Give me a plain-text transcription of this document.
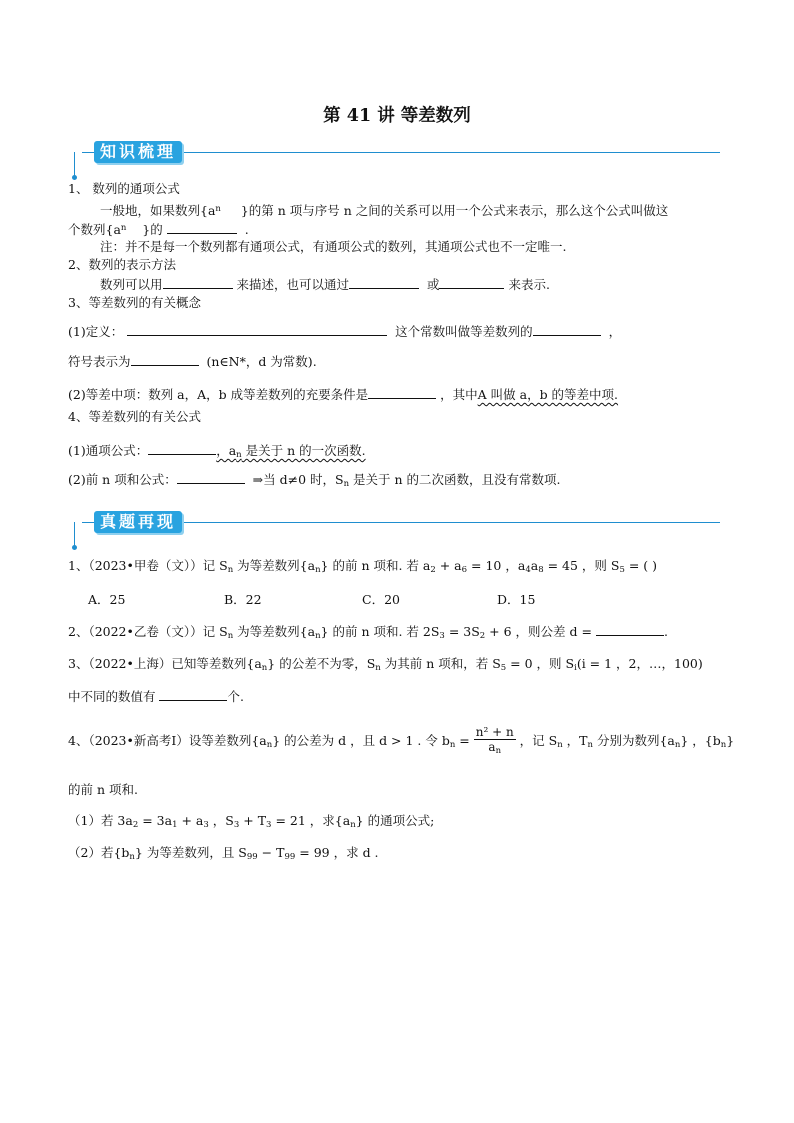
第 41 讲 等差数列
知识梳理
1、 数列的通项公式
一般地，如果数列{$a^n$ }的第 n 项与序号 n 之间的关系可以用一个公式来表示，那么这个公式叫做这
个数列{$a^n$ }的	.
注：并不是每一个数列都有通项公式，有通项公式的数列，其通项公式也不一定唯一.
2、数列的表示方法
数列可以用	来描述，也可以通过	或	来表示.
3、等差数列的有关概念
(1)定义：	这个常数叫做等差数列的	，
符号表示为	(n∈N*，d 为常数).
(2)等差中项：数列 a，A，b 成等差数列的充要条件是	，其中A 叫做 a，b 的等差中项.
4、等差数列的有关公式
(1)通项公式：	，$a_n$ 是关于 n 的一次函数.
(2)前 n 项和公式：	⇒当 d≠0 时，$S_n$ 是关于 n 的二次函数，且没有常数项.
真题再现
1、（2023•甲卷（文））记 $S_n$ 为等差数列$\{a_n\}$ 的前 n 项和. 若 $a_2 + a_6 = 10$ ，$a_4a_8 = 45$ ，则 $S_5$ = ( )
A．25	B．22	C．20	D．15
2、（2022•乙卷（文））记 $S_n$ 为等差数列$\{a_n\}$ 的前 n 项和. 若 $2S_3 = 3S_2 + 6$ ，则公差 d =	.
3、（2022•上海）已知等差数列$\{a_n\}$ 的公差不为零，$S_n$ 为其前 n 项和，若 $S_5 = 0$ ，则 $S_i(i = 1$ ，2，…，100)
中不同的数值有	个.
4、（2023•新高考Ⅰ）设等差数列$\{a_n\}$ 的公差为 d ，且 d > 1 . 令 $b_n = \frac{\text{n² + n}}{a_n}$ ，记 $S_n$ ，$T_n$ 分别为数列$\{a_n\}$ ，$\{b_n\}$
的前 n 项和.
（1）若 $3a_2 = 3a_1 + a_3$ ，$S_3 + T_3 = 21$ ，求$\{a_n\}$ 的通项公式;
（2）若$\{b_n\}$ 为等差数列，且 $S_{99} - T_{99} = 99$ ，求 d .
